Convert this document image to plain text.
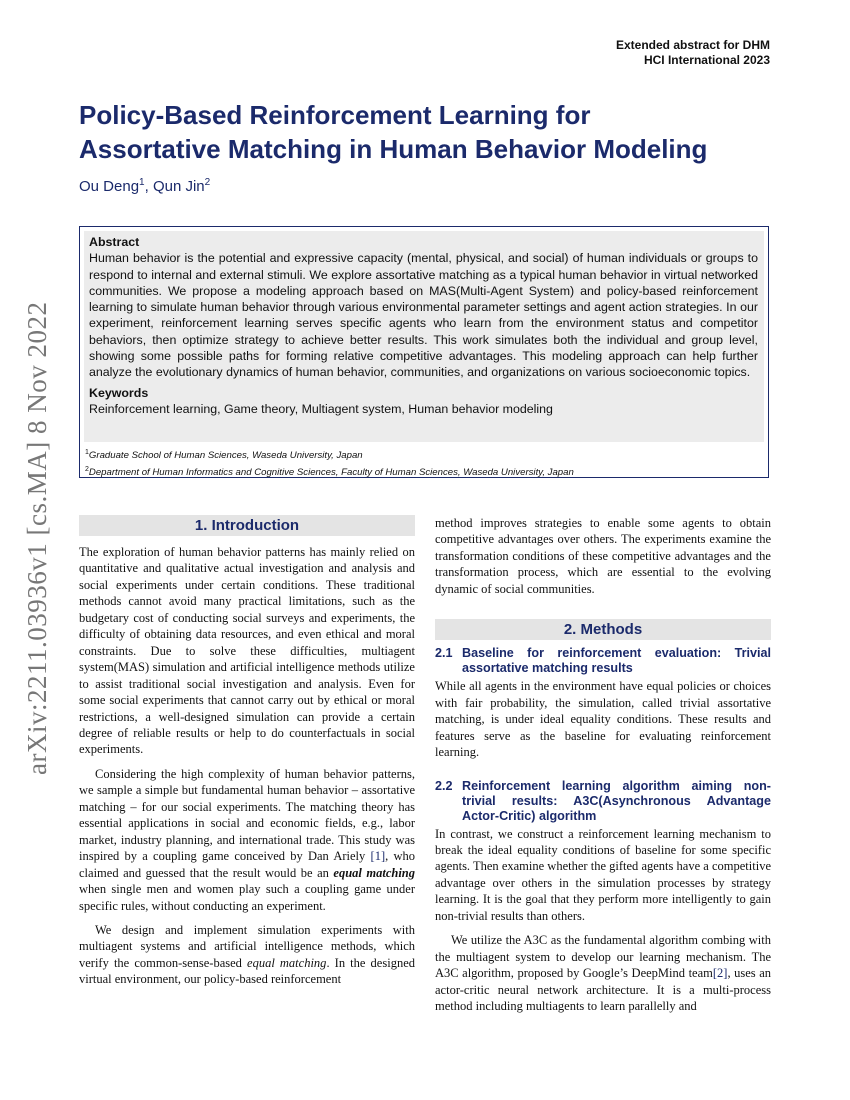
arXiv:2211.03936v1 [cs.MA] 8 Nov 2022
Extended abstract for DHM
HCI International 2023
Policy-Based Reinforcement Learning for
Assortative Matching in Human Behavior Modeling
Ou Deng$^1$, Qun Jin$^2$
Abstract

Human behavior is the potential and expressive capacity (mental, physical, and social) of human individuals or groups to respond to internal and external stimuli. We explore assortative matching as a typical human behavior in virtual networked communities. We propose a modeling approach based on MAS(Multi-Agent System) and policy-based reinforcement learning to simulate human behavior through various environmental parameter settings and agent action strategies. In our experiment, reinforcement learning serves specific agents who learn from the environment status and competitor behaviors, then optimize strategy to achieve better results. This work simulates both the individual and group level, showing some possible paths for forming relative competitive advantages. This modeling approach can help further analyze the evolutionary dynamics of human behavior, communities, and organizations on various socioeconomic topics.

Keywords

Reinforcement learning, Game theory, Multiagent system, Human behavior modeling

$^1$Graduate School of Human Sciences, Waseda University, Japan
$^2$Department of Human Informatics and Cognitive Sciences, Faculty of Human Sciences, Waseda University, Japan
1. Introduction

The exploration of human behavior patterns has mainly relied on quantitative and qualitative actual investigation and analysis and social experiments under certain conditions. These traditional methods cannot avoid many practical limitations, such as the budgetary cost of conducting social surveys and experiments, the difficulty of obtaining data resources, and even ethical and moral constraints. Due to solve these difficulties, multiagent system(MAS) simulation and artificial intelligence methods utilize to assist traditional social investigation and analysis. Even for some social experiments that cannot carry out by ethical or moral restrictions, a well-designed simulation can provide a certain degree of reliable results or help to do counterfactuals in social experiments.

Considering the high complexity of human behavior patterns, we sample a simple but fundamental human behavior – assortative matching – for our social experiments. The matching theory has essential applications in social and economic fields, e.g., labor market, industry planning, and international trade. This study was inspired by a coupling game conceived by Dan Ariely [1], who claimed and guessed that the result would be an equal matching when single men and women play such a coupling game under specific rules, without conducting an experiment.

We design and implement simulation experiments with multiagent systems and artificial intelligence methods, which verify the common-sense-based equal matching. In the designed virtual environment, our policy-based reinforcement

method improves strategies to enable some agents to obtain competitive advantages over others. The experiments examine the transformation conditions of these competitive advantages and the transformation process, which are essential to the evolving dynamic of social communities.

2. Methods
2.1 Baseline for reinforcement evaluation: Trivial assortative matching results

While all agents in the environment have equal policies or choices with fair probability, the simulation, called trivial assortative matching, is under ideal equality conditions. These results and features serve as the baseline for evaluating reinforcement learning.

2.2 Reinforcement learning algorithm aiming non-trivial results: A3C(Asynchronous Advantage Actor-Critic) algorithm

In contrast, we construct a reinforcement learning mechanism to break the ideal equality conditions of baseline for some specific agents. Then examine whether the gifted agents have a competitive advantage over others in the simulation processes by strategy learning. It is the goal that they perform more intelligently to gain non-trivial results than others.

We utilize the A3C as the fundamental algorithm combing with the multiagent system to develop our learning mechanism. The A3C algorithm, proposed by Google’s DeepMind team[2], uses an actor-critic neural network architecture. It is a multi-process method including multiagents to learn parallelly and
